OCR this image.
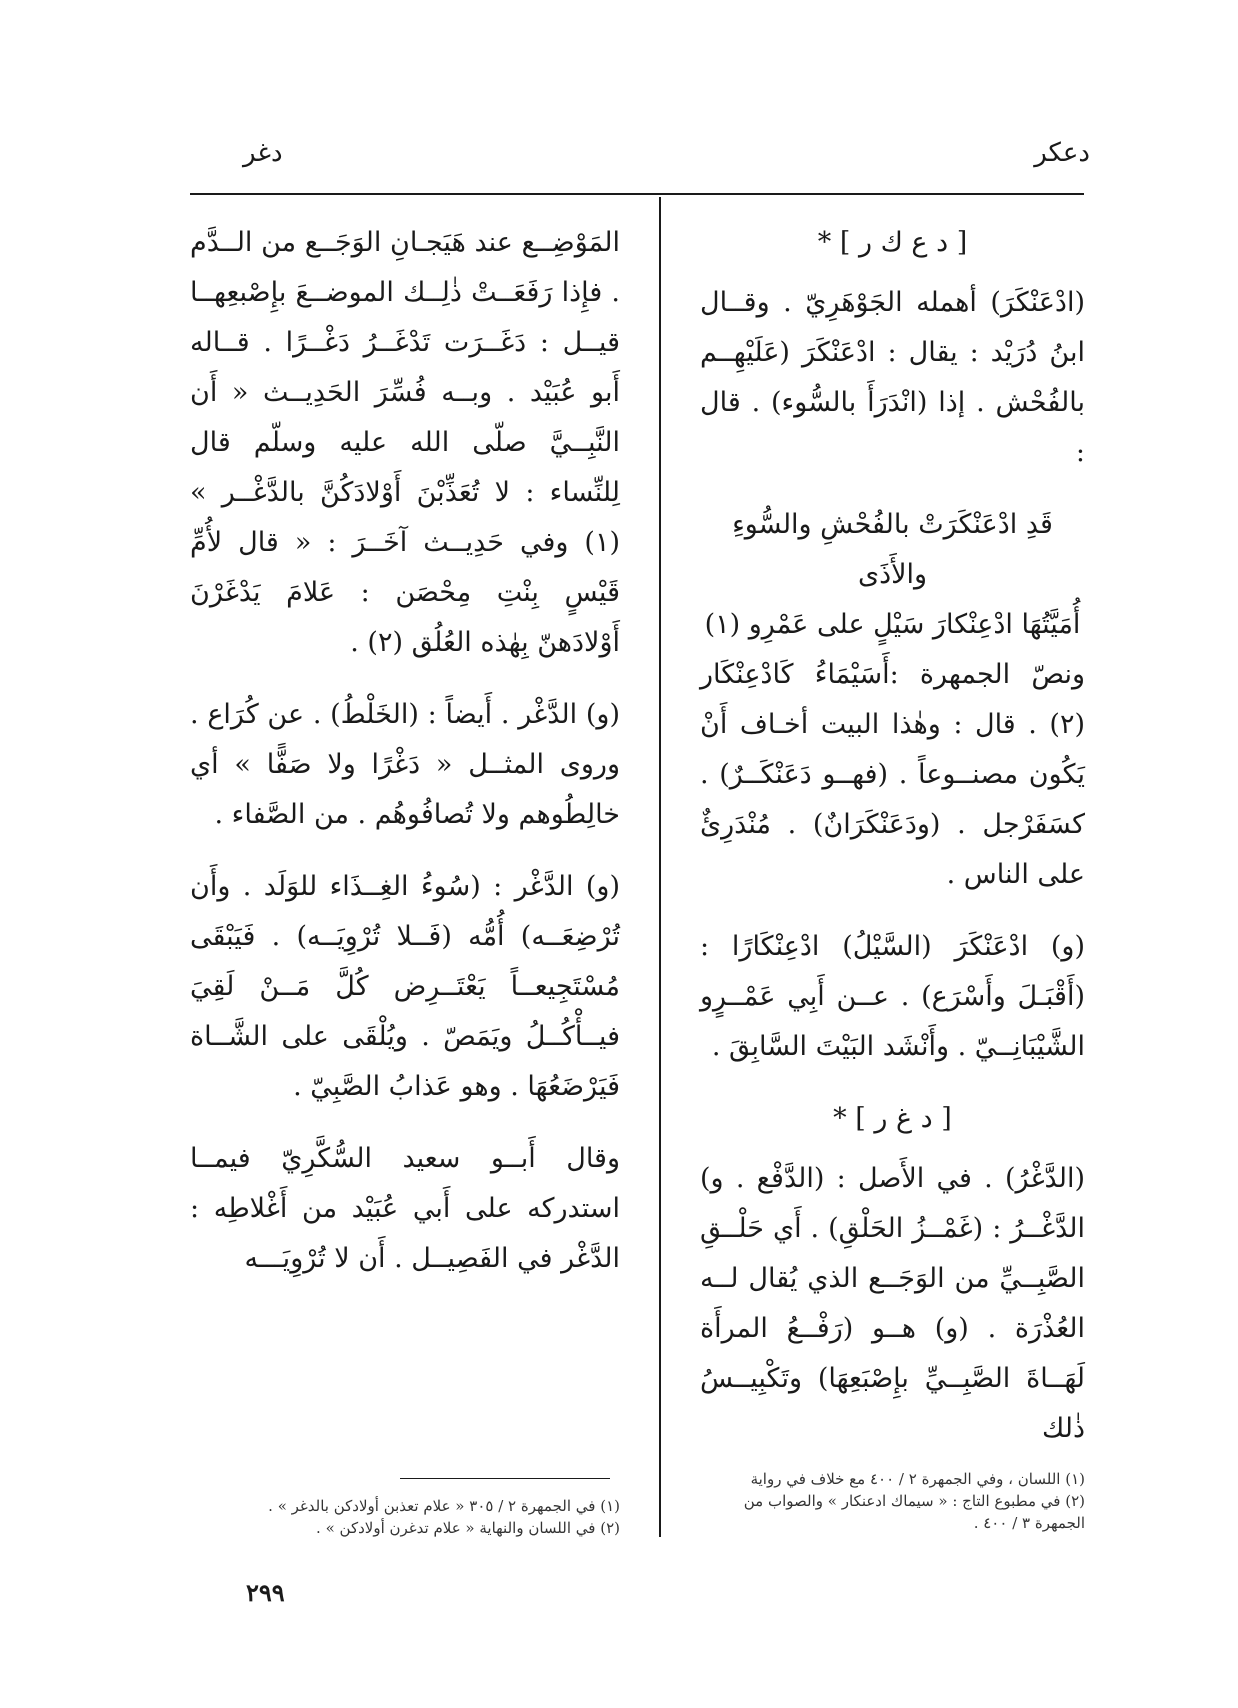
دعكر
دغر

[ د ع ك ر ] *

(ادْعَنْكَرَ) أهمله الجَوْهَرِيّ . وقــال ابنُ دُرَيْد : يقال : ادْعَنْكَرَ (عَلَيْهِــم بالفُحْش . إذا (انْدَرَأَ بالسُّوء) . قال :

قَدِ ادْعَنْكَرَتْ بالفُحْشِ والسُّوءِ والأَذَى

أُمَيَّتُهَا ادْعِنْكارَ سَيْلٍ على عَمْرِو (١)

ونصّ الجمهرة :أَسَيْمَاءُ كَادْعِنْكَار (٢) . قال : وهٰذا البيت أخـاف أَنْ يَكُون مصنــوعاً . (فهــو دَعَنْكَــرٌ) . كسَفَرْجل . (ودَعَنْكَرَانٌ) . مُنْدَرِئٌ على الناس .

(و) ادْعَنْكَرَ (السَّيْلُ) ادْعِنْكَارًا : (أَقْبَـلَ وأَسْرَع) . عــن أَبِي عَمْــرٍو الشَّيْبَانِــيّ . وأَنْشَد البَيْتَ السَّابِقَ .

[ د غ ر ] *

(الدَّغْرُ) . في الأَصل : (الدَّفْع . و) الدَّغْــرُ : (غَمْــزُ الحَلْقِ) . أَي حَلْــقِ الصَّبِــيِّ من الوَجَــع الذي يُقال لــه العُذْرَة . (و) هــو (رَفْــعُ المرأَة لَهَــاةَ الصَّبِــيِّ بإِصْبَعِهَا) وتَكْبِيــسُ ذٰلك

(١) اللسان ، وفي الجمهرة ٢ / ٤٠٠ مع خلاف في رواية

(٢) في مطبوع التاج : « سيماك ادعنكار » والصواب من الجمهرة ٣ / ٤٠٠ .

المَوْضِــع عند هَيَجـانِ الوَجَــع من الــدَّم . فإِذا رَفَعَــتْ ذٰلِــك الموضــعَ بإِصْبعِهــا قيــل : دَغَــرَت تَدْغَــرُ دَغْــرًا . قــاله أَبو عُبَيْد . وبــه فُسِّرَ الحَدِيــث « أَن النَّبِــيَّ صلّى الله عليه وسلّم قال لِلنِّساء : لا تُعَذِّبْنَ أَوْلادَكُنَّ بالدَّغْــر » (١) وفي حَدِيــث آخَــرَ : « قال لأُمِّ قَيْسٍ بِنْتِ مِحْصَن : عَلامَ يَدْغَرْنَ أَوْلادَهنّ بِهٰذه العُلُق (٢) .

(و) الدَّغْر . أَيضاً : (الخَلْطُ) . عن كُرَاع . وروى المثــل « دَغْرًا ولا صَفًّا » أي خالِطُوهم ولا تُصافُوهُم . من الصَّفاء .

(و) الدَّغْر : (سُوءُ الغِــذَاء للوَلَد . وأَن تُرْضِعَــه) أُمُّه (فَــلا تُرْوِيَــه) . فَيَبْقَى مُسْتَجِيعــاً يَعْتَــرِض كُلَّ مَــنْ لَقِيَ فيــأْكُــلُ ويَمَصّ . ويُلْقَى على الشَّــاة فَيَرْضَعُهَا . وهو عَذابُ الصَّبِيّ .

وقال أَبــو سعيد السُّكَّرِيّ فيمــا استدركه على أَبي عُبَيْد من أَغْلاطِه : الدَّغْر في الفَصِيــل . أَن لا تُرْوِيَـــه

(١) في الجمهرة ٢ / ٣٠٥ « علام تعذبن أولادكن بالدغر » .

(٢) في اللسان والنهاية « علام تدغرن أولادكن » .

٢٩٩
